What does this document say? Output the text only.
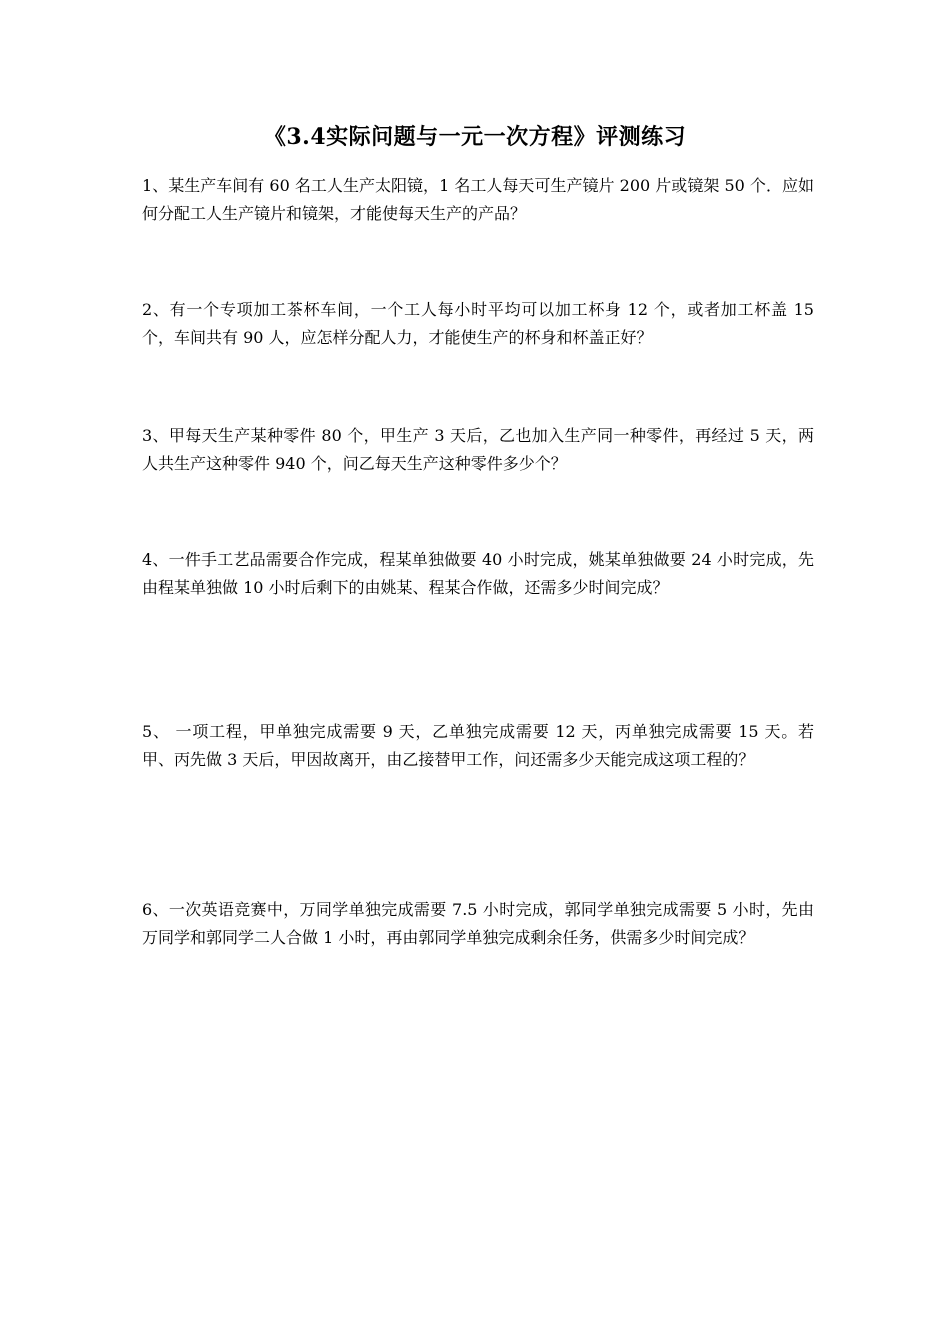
《3.4实际问题与一元一次方程》评测练习
1、某生产车间有 60 名工人生产太阳镜，1 名工人每天可生产镜片 200 片或镜架 50 个．应如何分配工人生产镜片和镜架，才能使每天生产的产品？
2、有一个专项加工茶杯车间，一个工人每小时平均可以加工杯身 12 个，或者加工杯盖 15 个，车间共有 90 人，应怎样分配人力，才能使生产的杯身和杯盖正好？
3、甲每天生产某种零件 80 个，甲生产 3 天后，乙也加入生产同一种零件，再经过 5 天，两人共生产这种零件 940 个，问乙每天生产这种零件多少个？
4、一件手工艺品需要合作完成，程某单独做要 40 小时完成，姚某单独做要 24 小时完成，先由程某单独做 10 小时后剩下的由姚某、程某合作做，还需多少时间完成？
5、 一项工程，甲单独完成需要 9 天，乙单独完成需要 12 天，丙单独完成需要 15 天。若甲、丙先做 3 天后，甲因故离开，由乙接替甲工作，问还需多少天能完成这项工程的？
6、一次英语竞赛中，万同学单独完成需要 7.5 小时完成，郭同学单独完成需要 5 小时，先由万同学和郭同学二人合做 1 小时，再由郭同学单独完成剩余任务，供需多少时间完成？
